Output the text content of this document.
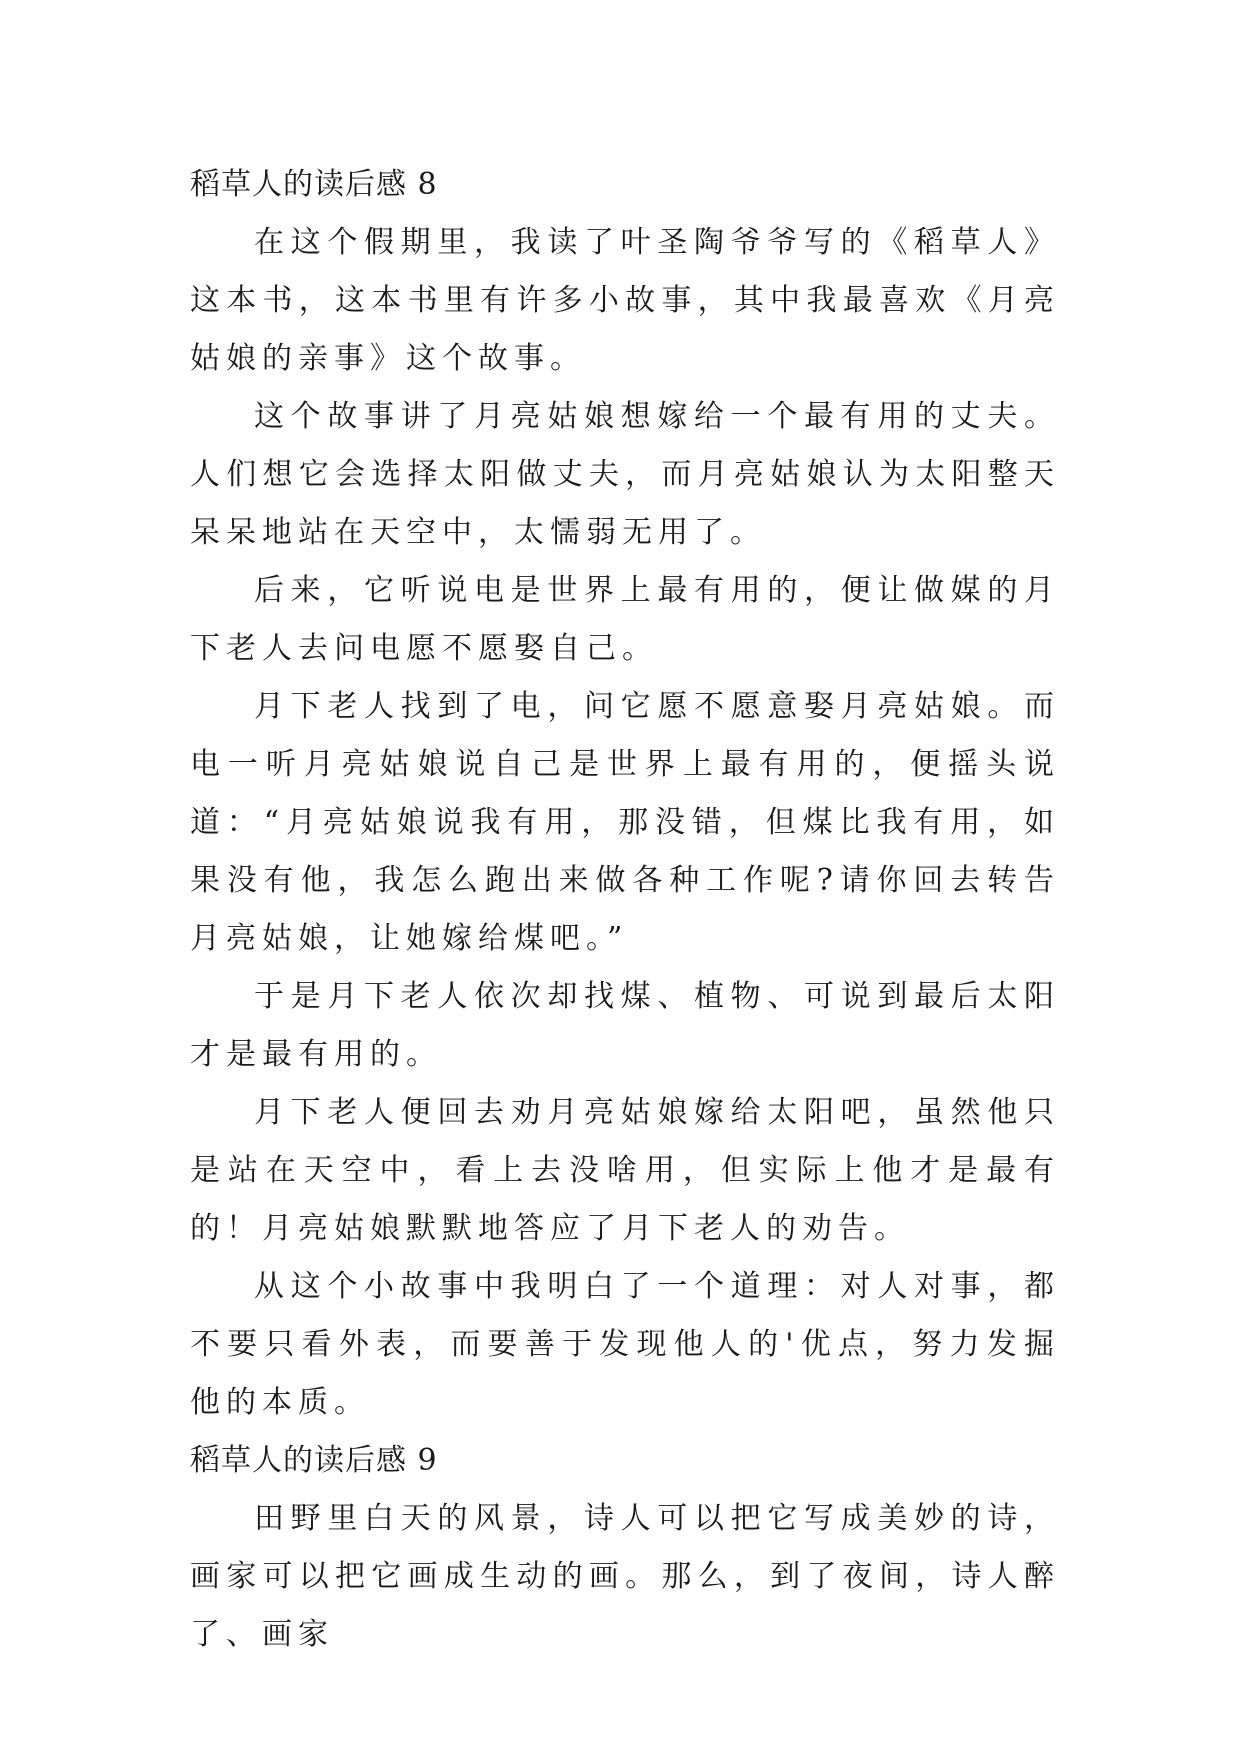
稻草人的读后感 8

在这个假期里，我读了叶圣陶爷爷写的《稻草人》这本书，这本书里有许多小故事，其中我最喜欢《月亮姑娘的亲事》这个故事。

这个故事讲了月亮姑娘想嫁给一个最有用的丈夫。人们想它会选择太阳做丈夫，而月亮姑娘认为太阳整天呆呆地站在天空中，太懦弱无用了。

后来，它听说电是世界上最有用的，便让做媒的月下老人去问电愿不愿娶自己。

月下老人找到了电，问它愿不愿意娶月亮姑娘。而电一听月亮姑娘说自己是世界上最有用的，便摇头说道：“月亮姑娘说我有用，那没错，但煤比我有用，如果没有他，我怎么跑出来做各种工作呢?请你回去转告月亮姑娘，让她嫁给煤吧。”

于是月下老人依次却找煤、植物、可说到最后太阳才是最有用的。

月下老人便回去劝月亮姑娘嫁给太阳吧，虽然他只是站在天空中，看上去没啥用，但实际上他才是最有的！月亮姑娘默默地答应了月下老人的劝告。

从这个小故事中我明白了一个道理：对人对事，都不要只看外表，而要善于发现他人的'优点，努力发掘他的本质。

稻草人的读后感 9

田野里白天的风景，诗人可以把它写成美妙的诗，画家可以把它画成生动的画。那么，到了夜间，诗人醉了、画家
